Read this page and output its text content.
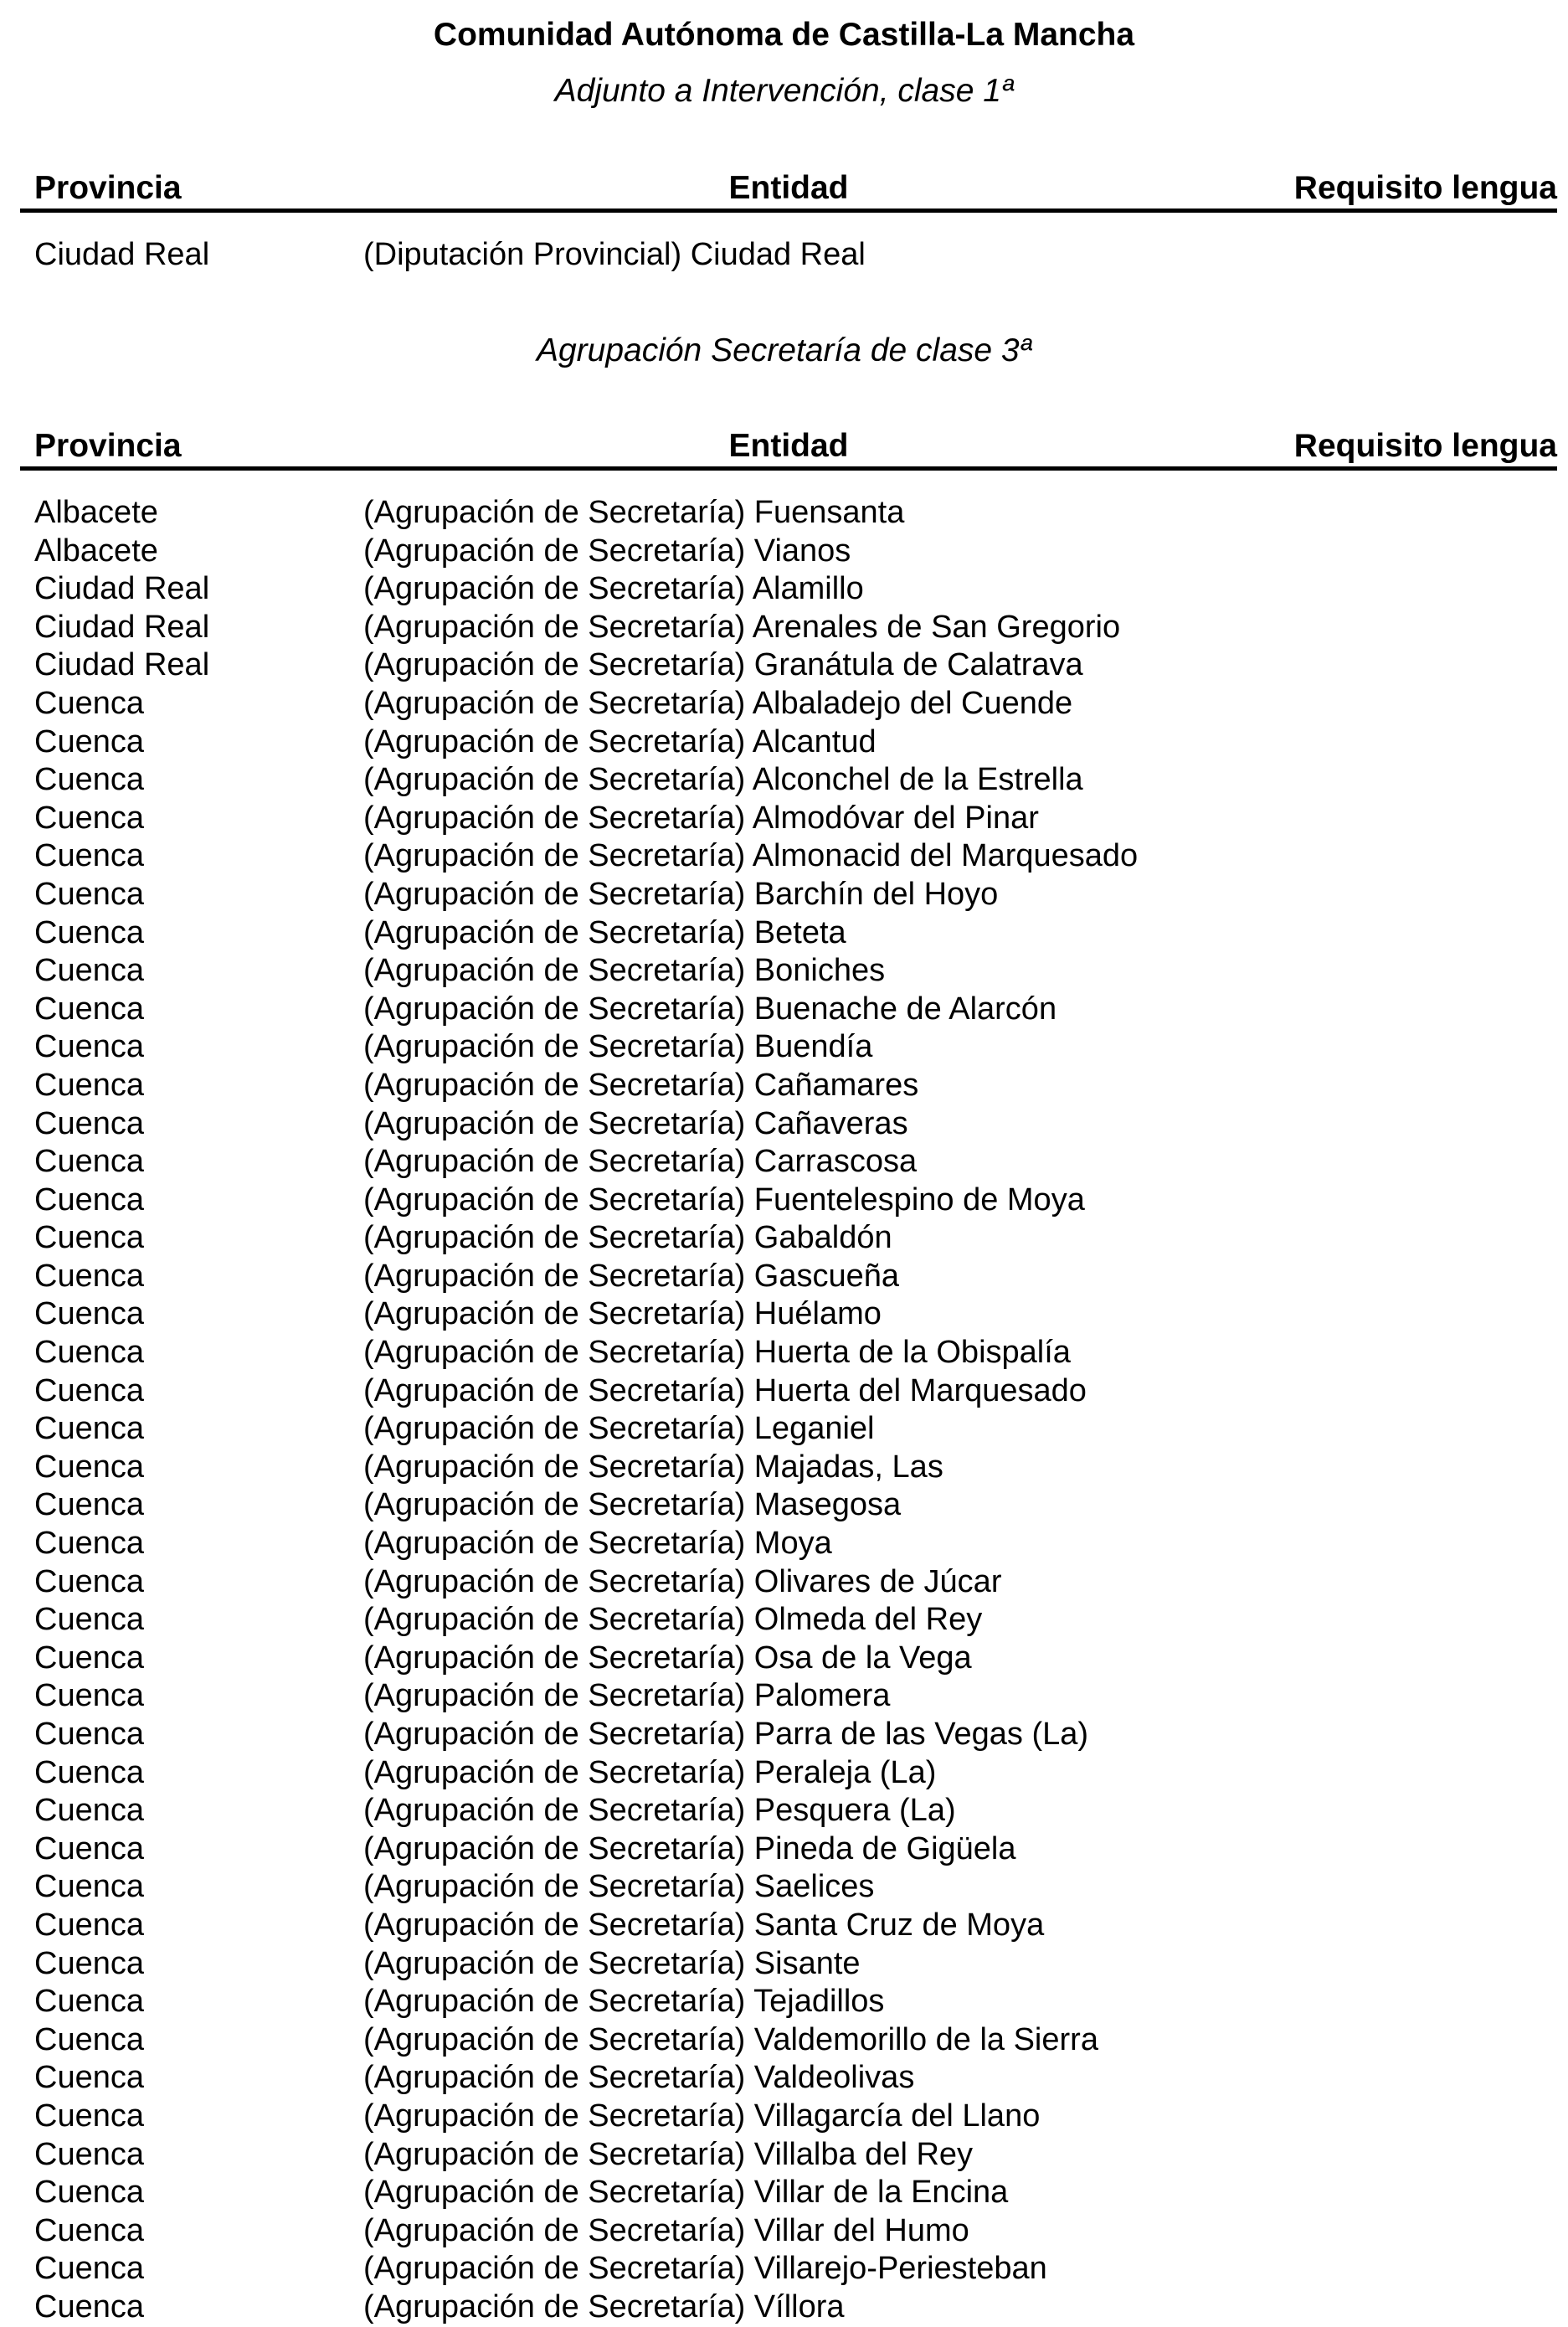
Comunidad Autónoma de Castilla-La Mancha
Adjunto a Intervención, clase 1ª
Provincia	Entidad	Requisito lengua
Ciudad Real	(Diputación Provincial) Ciudad Real
Agrupación Secretaría de clase 3ª
Provincia	Entidad	Requisito lengua
Albacete	(Agrupación de Secretaría) Fuensanta
Albacete	(Agrupación de Secretaría) Vianos
Ciudad Real	(Agrupación de Secretaría) Alamillo
Ciudad Real	(Agrupación de Secretaría) Arenales de San Gregorio
Ciudad Real	(Agrupación de Secretaría) Granátula de Calatrava
Cuenca	(Agrupación de Secretaría) Albaladejo del Cuende
Cuenca	(Agrupación de Secretaría) Alcantud
Cuenca	(Agrupación de Secretaría) Alconchel de la Estrella
Cuenca	(Agrupación de Secretaría) Almodóvar del Pinar
Cuenca	(Agrupación de Secretaría) Almonacid del Marquesado
Cuenca	(Agrupación de Secretaría) Barchín del Hoyo
Cuenca	(Agrupación de Secretaría) Beteta
Cuenca	(Agrupación de Secretaría) Boniches
Cuenca	(Agrupación de Secretaría) Buenache de Alarcón
Cuenca	(Agrupación de Secretaría) Buendía
Cuenca	(Agrupación de Secretaría) Cañamares
Cuenca	(Agrupación de Secretaría) Cañaveras
Cuenca	(Agrupación de Secretaría) Carrascosa
Cuenca	(Agrupación de Secretaría) Fuentelespino de Moya
Cuenca	(Agrupación de Secretaría) Gabaldón
Cuenca	(Agrupación de Secretaría) Gascueña
Cuenca	(Agrupación de Secretaría) Huélamo
Cuenca	(Agrupación de Secretaría) Huerta de la Obispalía
Cuenca	(Agrupación de Secretaría) Huerta del Marquesado
Cuenca	(Agrupación de Secretaría) Leganiel
Cuenca	(Agrupación de Secretaría) Majadas, Las
Cuenca	(Agrupación de Secretaría) Masegosa
Cuenca	(Agrupación de Secretaría) Moya
Cuenca	(Agrupación de Secretaría) Olivares de Júcar
Cuenca	(Agrupación de Secretaría) Olmeda del Rey
Cuenca	(Agrupación de Secretaría) Osa de la Vega
Cuenca	(Agrupación de Secretaría) Palomera
Cuenca	(Agrupación de Secretaría) Parra de las Vegas (La)
Cuenca	(Agrupación de Secretaría) Peraleja (La)
Cuenca	(Agrupación de Secretaría) Pesquera (La)
Cuenca	(Agrupación de Secretaría) Pineda de Gigüela
Cuenca	(Agrupación de Secretaría) Saelices
Cuenca	(Agrupación de Secretaría) Santa Cruz de Moya
Cuenca	(Agrupación de Secretaría) Sisante
Cuenca	(Agrupación de Secretaría) Tejadillos
Cuenca	(Agrupación de Secretaría) Valdemorillo de la Sierra
Cuenca	(Agrupación de Secretaría) Valdeolivas
Cuenca	(Agrupación de Secretaría) Villagarcía del Llano
Cuenca	(Agrupación de Secretaría) Villalba del Rey
Cuenca	(Agrupación de Secretaría) Villar de la Encina
Cuenca	(Agrupación de Secretaría) Villar del Humo
Cuenca	(Agrupación de Secretaría) Villarejo-Periesteban
Cuenca	(Agrupación de Secretaría) Víllora
